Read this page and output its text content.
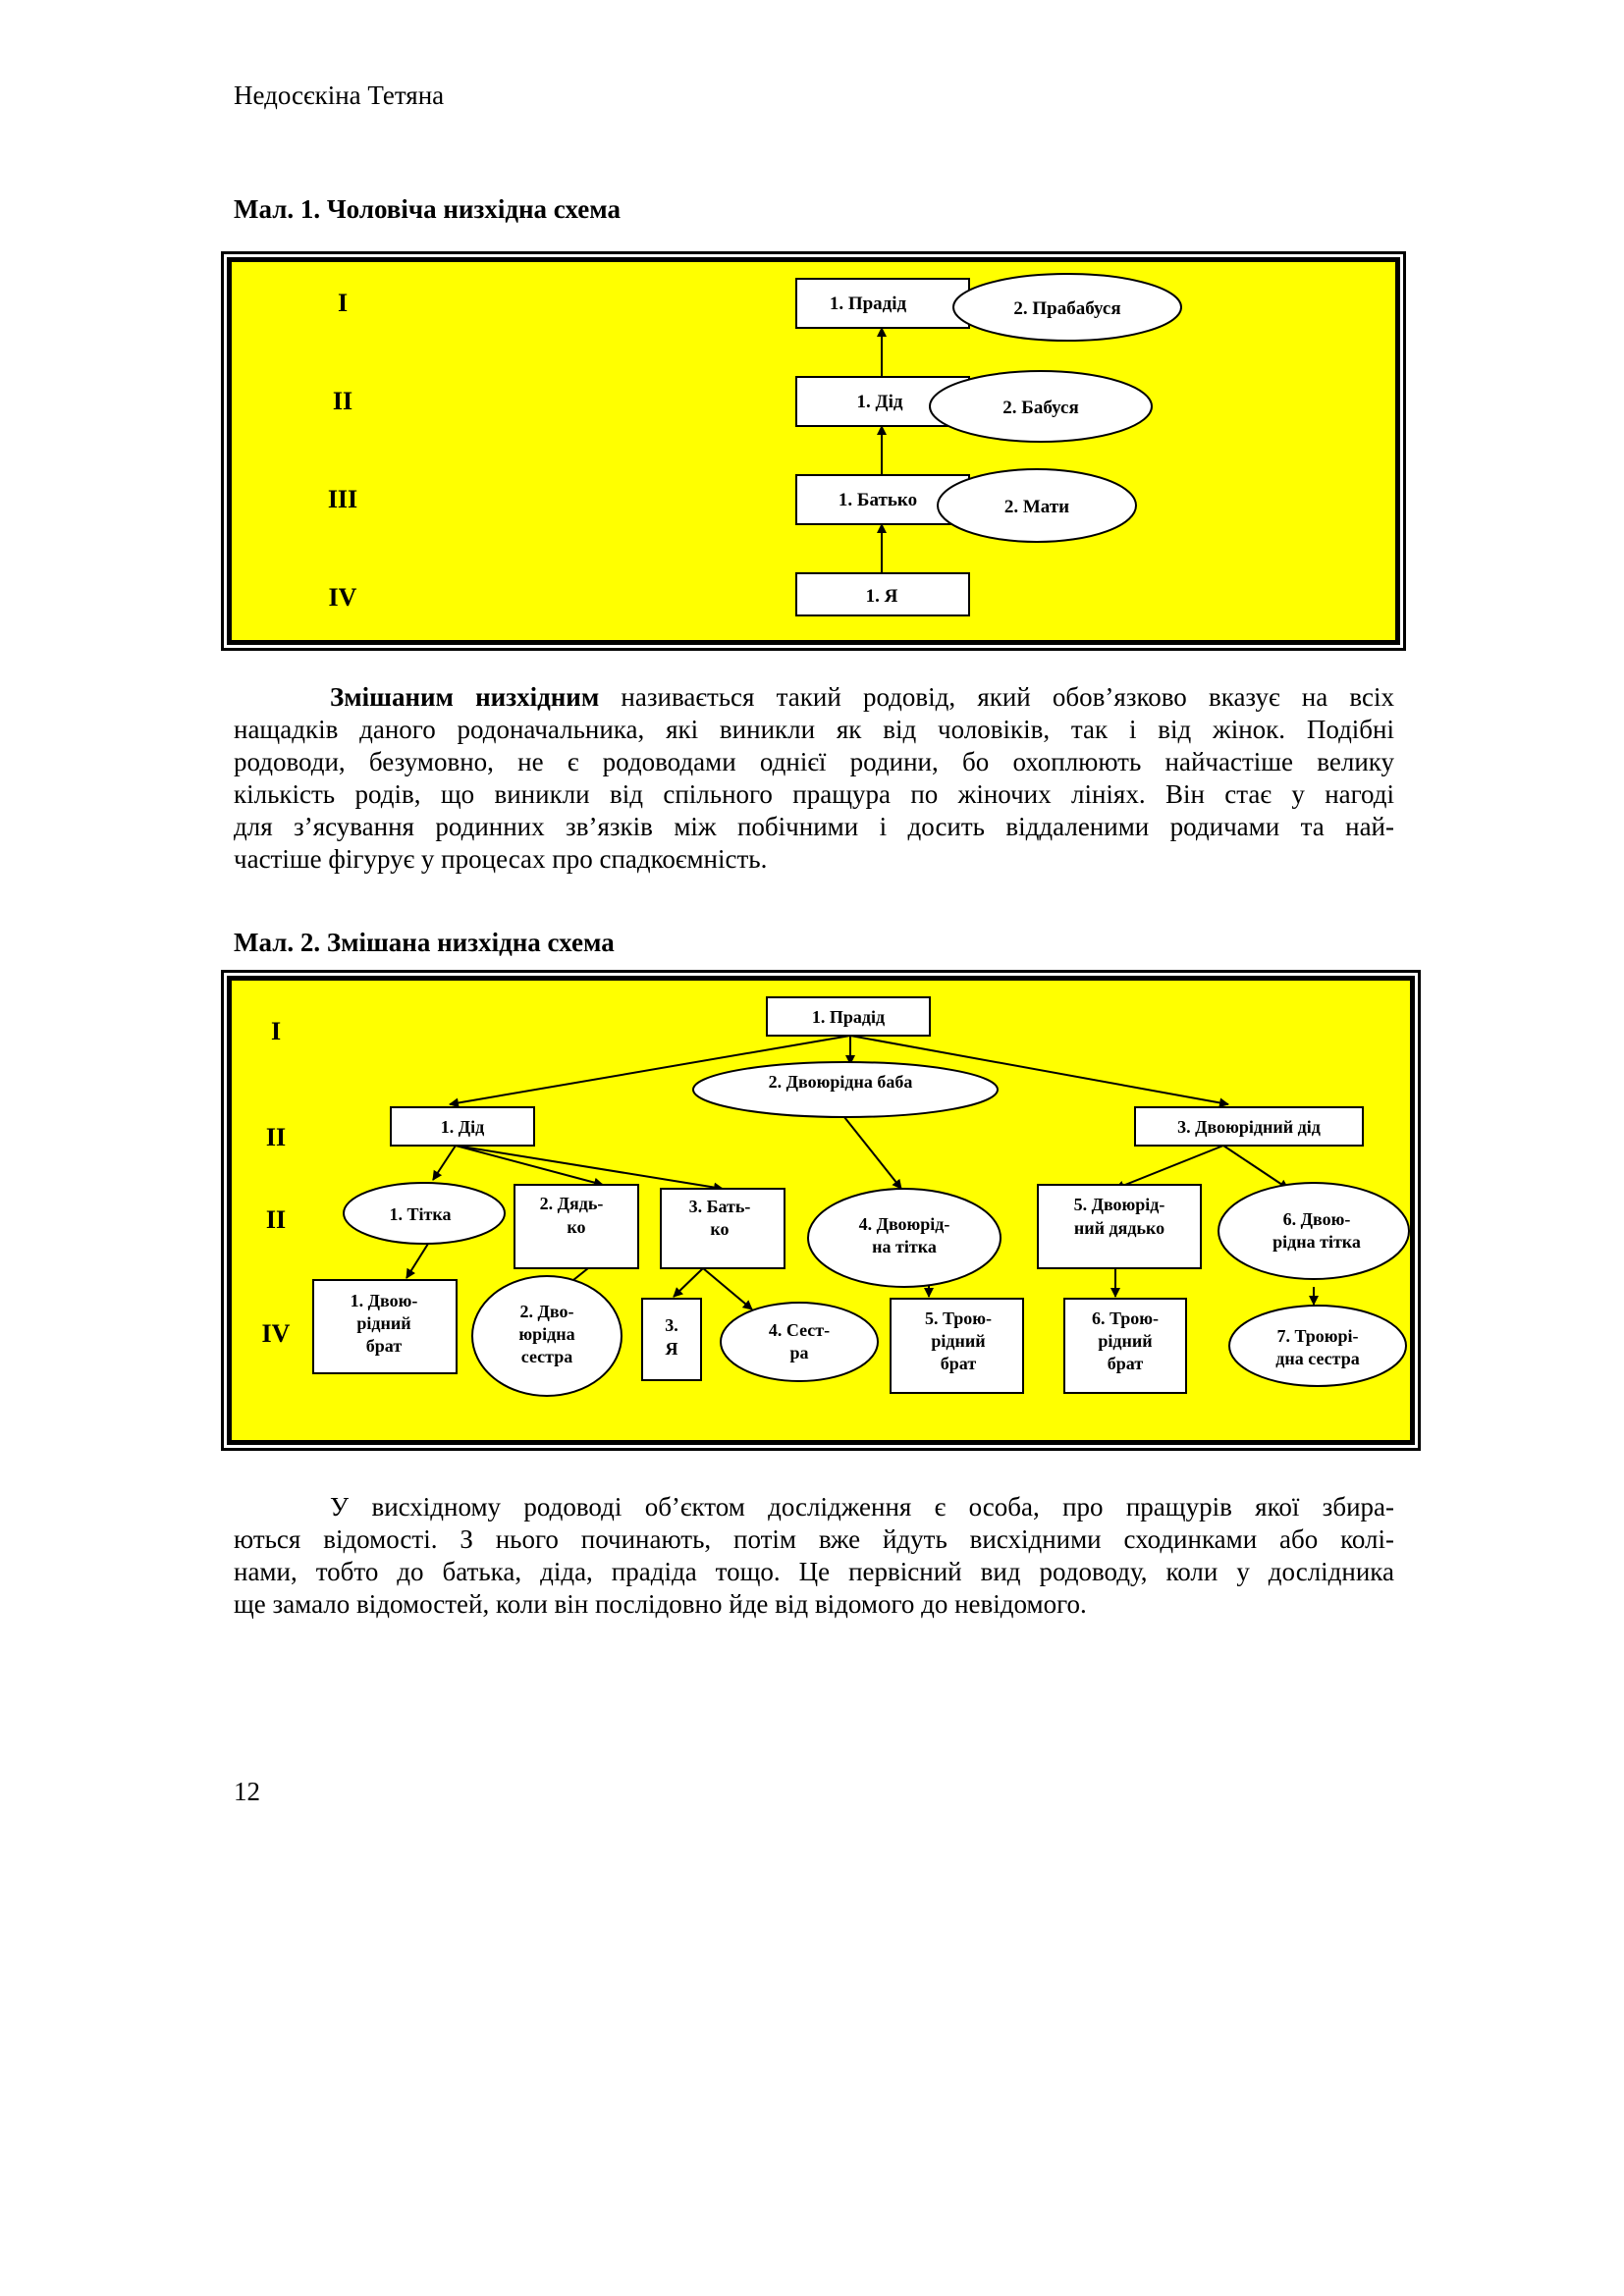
Недосєкіна Тетяна
Мал. 1. Чоловіча низхідна схема
I
II
III
IV
1. Прадід	2. Прабабуся
1. Дід	2. Бабуся
1. Батько	2. Мати
1. Я
Змішаним низхідним називається такий родовід, який обов’язково вказує на всіх
нащадків даного родоначальника, які виникли як від чоловіків, так і від жінок. Подібні
родоводи, безумовно, не є родоводами однієї родини, бо охоплюють найчастіше велику
кількість родів, що виникли від спільного пращура по жіночих лініях. Він стає у нагоді
для з’ясування родинних зв’язків між побічними і досить віддаленими родичами та най-
частіше фігурує у процесах про спадкоємність.
Мал. 2. Змішана низхідна схема
I
II
II
IV
1. Прадід
1. Дід
2. Двоюрідна баба
3. Двоюрідний дід
1. Тітка
2. Дядь-
ко
3. Бать-
ко	4. Двоюрід-
на тітка
5. Двоюрід-
ний дядько	6. Двою-
рідна тітка
1. Двою-
рідний
брат
2. Дво-
юрідна
сестра
3.
Я
4. Сест-
ра
5. Трою-
рідний
брат
6. Трою-
рідний
брат
7. Троюрі-
дна сестра
У висхідному родоводі об’єктом дослідження є особа, про пращурів якої збира-
ються відомості. З нього починають, потім вже йдуть висхідними сходинками або колі-
нами, тобто до батька, діда, прадіда тощо. Це первісний вид родоводу, коли у дослідника
ще замало відомостей, коли він послідовно йде від відомого до невідомого.
12
